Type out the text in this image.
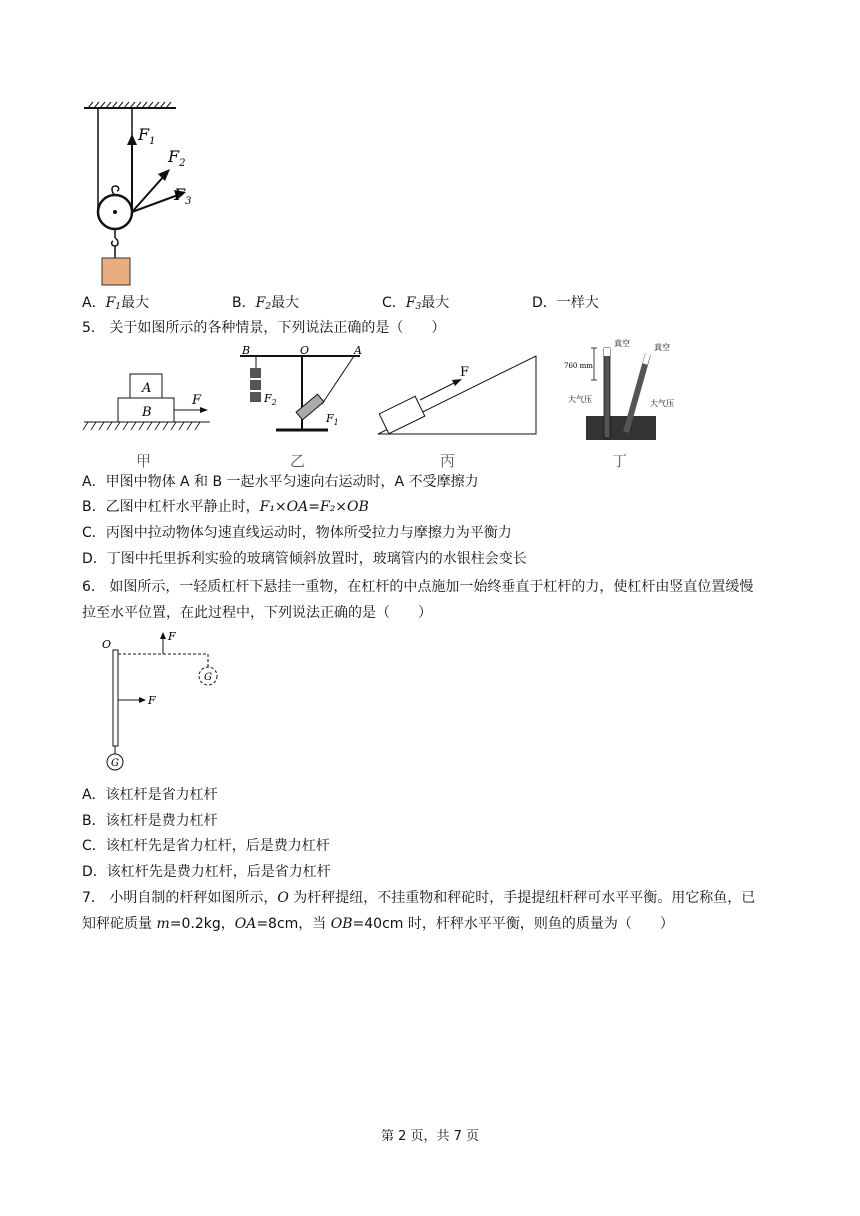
$F_1$
$F_2$
$F_3$
A．$F_1$最大	B．$F_2$最大	C．$F_3$最大	D．一样大
5． 关于如图所示的各种情景，下列说法正确的是（　　）
A
B
F
甲
B	O	A
$F_2$
$F_1$
乙
F
丙
真空	真空
760 mm
大气压	大气压
丁
A．甲图中物体 A 和 B 一起水平匀速向右运动时，A 不受摩擦力
B．乙图中杠杆水平静止时，F₁×OA=F₂×OB
C．丙图中拉动物体匀速直线运动时，物体所受拉力与摩擦力为平衡力
D．丁图中托里拆利实验的玻璃管倾斜放置时，玻璃管内的水银柱会变长
6． 如图所示，一轻质杠杆下悬挂一重物，在杠杆的中点施加一始终垂直于杠杆的力，使杠杆由竖直位置缓慢
拉至水平位置，在此过程中，下列说法正确的是（　　）
O
F
F
G
G
A．该杠杆是省力杠杆
B．该杠杆是费力杠杆
C．该杠杆先是省力杠杆，后是费力杠杆
D．该杠杆先是费力杠杆，后是省力杠杆
7． 小明自制的杆秤如图所示，O 为杆秤提纽，不挂重物和秤砣时，手提提纽杆秤可水平平衡。用它称鱼，已
知秤砣质量 m=0.2kg，OA=8cm，当 OB=40cm 时，杆秤水平平衡，则鱼的质量为（　　）
第 2 页，共 7 页
